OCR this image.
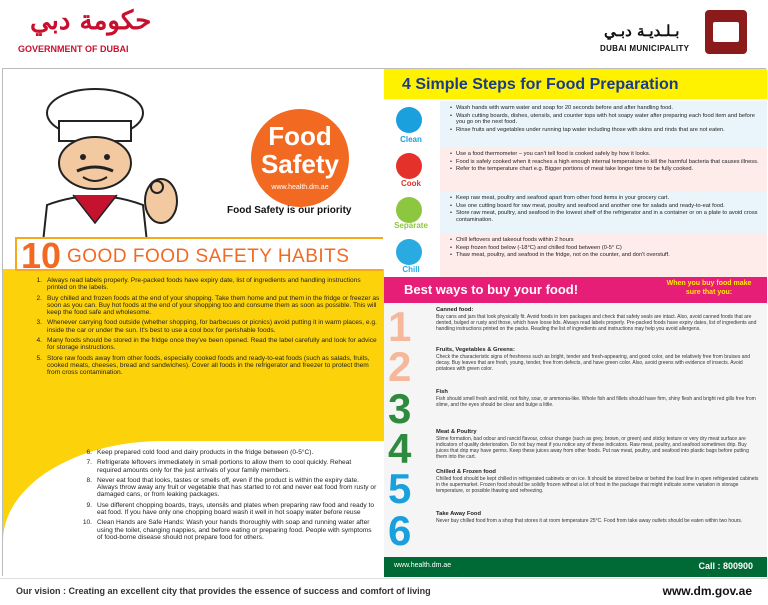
حكومة دبي
GOVERNMENT OF DUBAI
بـلـديـة دبـي
DUBAI MUNICIPALITY
Food
Safety
www.health.dm.ae
Food Safety is our priority
10 GOOD FOOD SAFETY HABITS
1. Always read labels properly. Pre-packed foods have expiry date, list of ingredients and handling instructions printed on the labels.
2. Buy chilled and frozen foods at the end of your shopping. Take them home and put them in the fridge or freezer as soon as you can. Buy hot foods at the end of your shopping too and consume them as soon as possible. This will keep the food safe and wholesome.
3. Whenever carrying food outside (whether shopping, for barbecues or picnics) avoid putting it in warm places, e.g. inside the car or under the sun. It's best to use a cool box for perishable foods.
4. Many foods should be stored in the fridge once they've been opened. Read the label carefully and look for advice for storage instructions.
5. Store raw foods away from other foods, especially cooked foods and ready-to-eat foods (such as salads, fruits, cooked meats, cheeses, bread and sandwiches). Cover all foods in the refrigerator and freezer to protect them from cross contamination.
6. Keep prepared cold food and dairy products in the fridge between (0-5°C).
7. Refrigerate leftovers immediately in small portions to allow them to cool quickly. Reheat required amounts only for the just arrivals of your family members.
8. Never eat food that looks, tastes or smells off, even if the product is within the expiry date. Always throw away any fruit or vegetable that has started to rot and never eat food from rusty or damaged cans, or from leaking packages.
9. Use different chopping boards, trays, utensils and plates when preparing raw food and ready to eat food. If you have only one chopping board wash it well in hot soapy water before reuse
10. Clean Hands are Safe Hands: Wash your hands thoroughly with soap and running water after using the toilet, changing nappies, and before eating or preparing food. People with symptoms of food-borne disease should not prepare food for others.
4 Simple Steps for Food Preparation
Clean
• Wash hands with warm water and soap for 20 seconds before and after handling food.
• Wash cutting boards, dishes, utensils, and counter tops with hot soapy water after preparing each food item and before you go on the next food.
• Rinse fruits and vegetables under running tap water including those with skins and rinds that are not eaten.
Cook
• Use a food thermometer – you can't tell food is cooked safely by how it looks.
• Food is safely cooked when it reaches a high enough internal temperature to kill the harmful bacteria that causes illness.
• Refer to the temperature chart e.g. Bigger portions of meat take longer time to be fully cooked.
Separate
• Keep raw meat, poultry and seafood apart from other food items in your grocery cart.
• Use one cutting board for raw meat, poultry and seafood and another one for salads and ready-to-eat food.
• Store raw meat, poultry, and seafood in the lowest shelf of the refrigerator and in a container or on a plate to avoid cross contamination.
Chill
• Chill leftovers and takeout foods within 2 hours
• Keep frozen food below (-18°C) and chilled food between (0-5° C)
• Thaw meat, poultry, and seafood in the fridge, not on the counter, and don't overstuff.
Best ways to buy your food!	When you buy food make sure that you:
1	Canned food:
Buy cans and jars that look physically fit. Avoid foods in torn packages and check that safety seals are intact. Also, avoid canned foods that are dented, bulged or rusty and those, which have loose lids. Always read labels properly. Pre-packed foods have expiry dates, list of ingredients and handling instructions printed on the packs. Reading the list of ingredients and instructions may help you avoid allergens.
2	Fruits, Vegetables & Greens:
Check the characteristic signs of freshness such as bright, tender and fresh-appearing, and good color, and be relatively free from bruises and decay. Buy leaves that are fresh, young, tender, free from defects, and have green color. Also, avoid greens with evidence of insects. Avoid potatoes with green color.
3	Fish
Fish should smell fresh and mild, not fishy, sour, or ammonia-like. Whole fish and fillets should have firm, shiny flesh and bright red gills free from slime, and the eyes should be clear and bulge a little.
4	Meat & Poultry
Slime formation, bad odour and rancid flavour, colour change (such as grey, brown, or green) and sticky texture or very dry meat surface are indicators of quality deterioration. Do not buy meat if you notice any of these indicators. Raw meat, poultry, and seafood sometimes drip. Buy juices that drip may have germs. Keep these juices away from other foods. Put raw meat, poultry, and seafood into plastic bags before putting them into the cart.
5	Chilled & Frozen food
Chilled food should be kept chilled in refrigerated cabinets or on ice. It should be stored below or behind the load line in open refrigerated cabinets in the supermarket. Frozen food should be solidly frozen without a lot of frost in the package that might indicate some variation in storage temperature, or possible thawing and refreezing.
6	Take Away Food
Never buy chilled food from a shop that stores it at room temperature 25°C. Food from take away outlets should be eaten within two hours.
www.health.dm.ae	Call : 800900
Our vision : Creating an excellent city that provides the essence of success and comfort of living	www.dm.gov.ae
